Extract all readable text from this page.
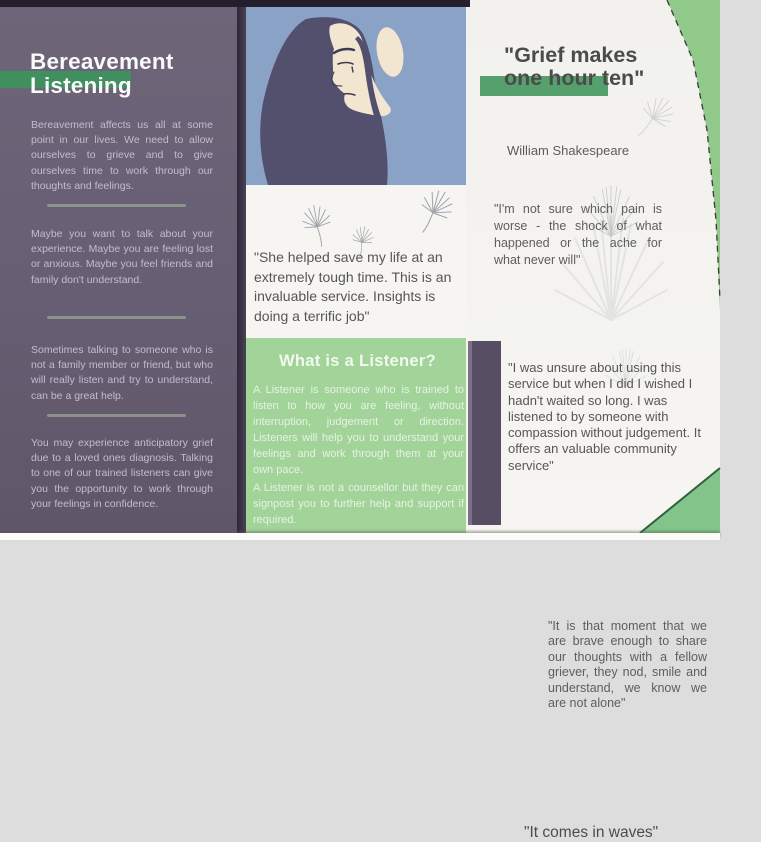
Bereavement
Listening

Bereavement affects us all at some point in our lives. We need to allow ourselves to grieve and to give ourselves time to work through our thoughts and feelings.

Maybe you want to talk about your experience. Maybe you are feeling lost or anxious. Maybe you feel friends and family don't understand.

Sometimes talking to someone who is not a family member or friend, but who will really listen and try to understand, can be a great help.

You may experience anticipatory grief due to a loved ones diagnosis. Talking to one of our trained listeners can give you the opportunity to work through your feelings in confidence.

"She helped save my life at an extremely tough time. This is an invaluable service. Insights is doing a terrific job"

What is a Listener?

A Listener is someone who is trained to listen to how you are feeling, without interruption, judgement or direction. Listeners will help you to understand your feelings and work through them at your own pace.

A Listener is not a counsellor but they can signpost you to further help and support if required.

"Grief makes
one hour ten"

William Shakespeare

"I'm not sure which pain is worse - the shock of what happened or the ache for what never will"

"I was unsure about using this service but when I did I wished I hadn't waited so long. I was listened to by someone with compassion without judgement. It offers an valuable community service"

"It is that moment that we are brave enough to share our thoughts with a fellow griever, they nod, smile and understand, we know we are not alone"

"It comes in waves"
